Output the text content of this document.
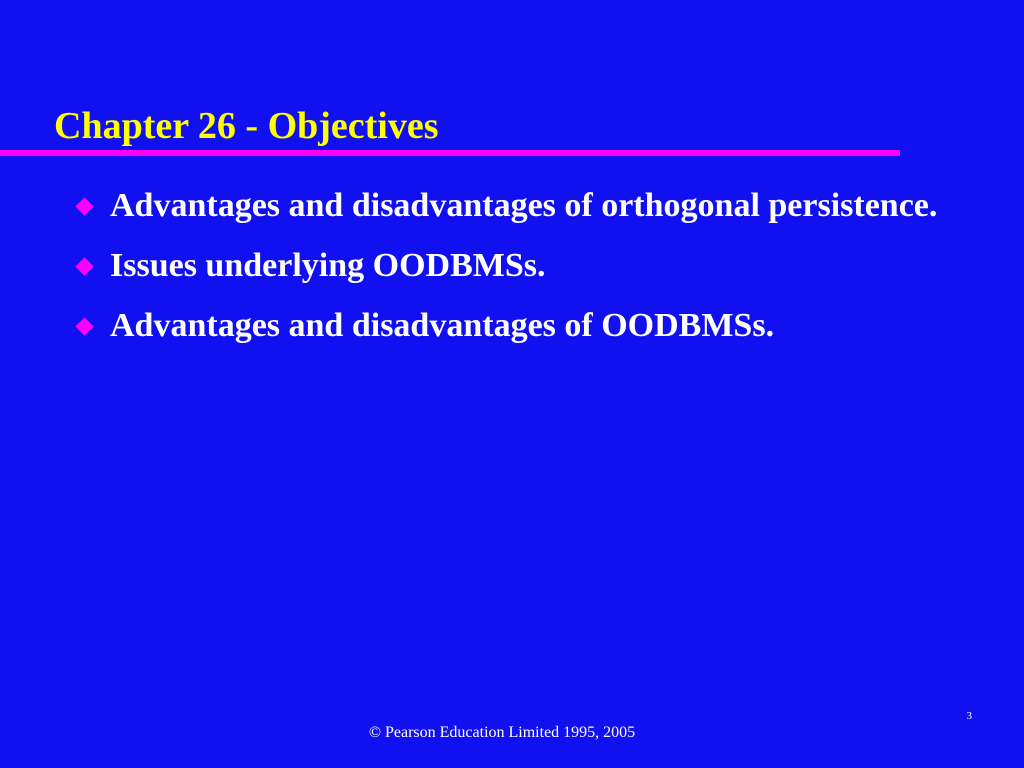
Chapter 26 - Objectives
Advantages and disadvantages of orthogonal persistence.
Issues underlying OODBMSs.
Advantages and disadvantages of OODBMSs.
3
© Pearson Education Limited 1995, 2005
